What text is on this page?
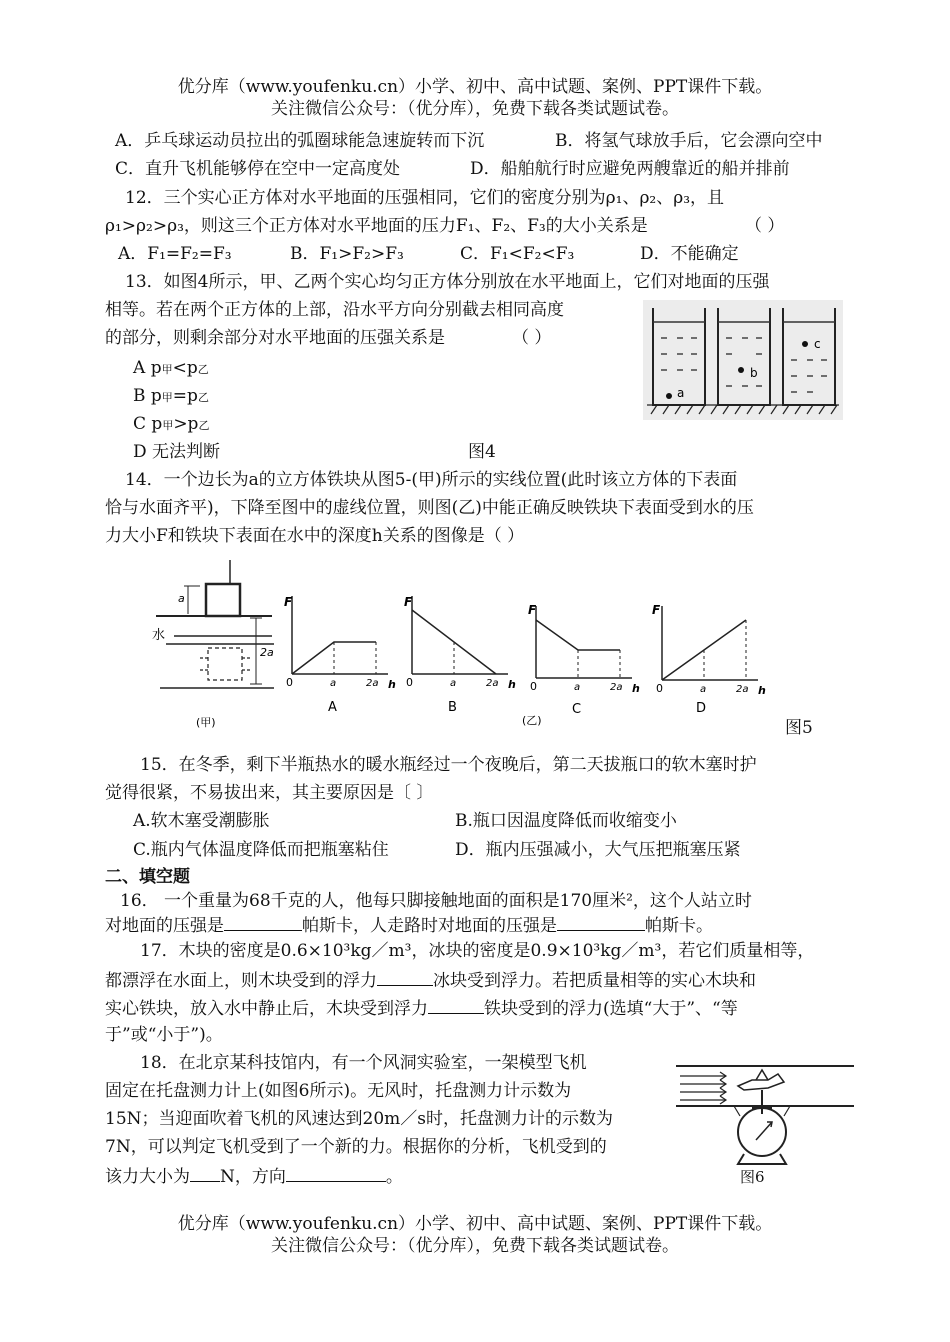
优分库（www.youfenku.cn）小学、初中、高中试题、案例、PPT课件下载。
关注微信公众号：（优分库），免费下载各类试题试卷。
A．乒乓球运动员拉出的弧圈球能急速旋转而下沉	B．将氢气球放手后，它会漂向空中
C．直升飞机能够停在空中一定高度处	D．船舶航行时应避免两艘靠近的船并排前
12．三个实心正方体对水平地面的压强相同，它们的密度分别为ρ₁、ρ₂、ρ₃，且
ρ₁>ρ₂>ρ₃，则这三个正方体对水平地面的压力F₁、F₂、F₃的大小关系是	（ ）
A．F₁=F₂=F₃	B．F₁>F₂>F₃	C．F₁<F₂<F₃	D．不能确定
13．如图4所示，甲、乙两个实心均匀正方体分别放在水平地面上，它们对地面的压强
相等。若在两个正方体的上部，沿水平方向分别截去相同高度
的部分，则剩余部分对水平地面的压强关系是	（ ）
A p甲<p乙
B p甲=p乙
C p甲>p乙
D 无法判断	图4
a
b
c
14．一个边长为a的立方体铁块从图5-(甲)所示的实线位置(此时该立方体的下表面
恰与水面齐平)，下降至图中的虚线位置，则图(乙)中能正确反映铁块下表面受到水的压
力大小F和铁块下表面在水中的深度h关系的图像是（ ）
a
水
2a
(甲)	(乙)
F
0	a	2a h
A
F
0	a	2a h
B
F
0	a	2a h
C
F
0	a	2a h
D
图5
15．在冬季，剩下半瓶热水的暖水瓶经过一个夜晚后，第二天拔瓶口的软木塞时护
觉得很紧，不易拔出来，其主要原因是〔 〕
A.软木塞受潮膨胀	B.瓶口因温度降低而收缩变小
C.瓶内气体温度降低而把瓶塞粘住	D．瓶内压强减小，大气压把瓶塞压紧
二、填空题
16． 一个重量为68千克的人，他每只脚接触地面的面积是170厘米²，这个人站立时
对地面的压强是	帕斯卡，人走路时对地面的压强是	帕斯卡。
17．木块的密度是0.6×10³kg／m³，冰块的密度是0.9×10³kg／m³，若它们质量相等，
都漂浮在水面上，则木块受到的浮力	冰块受到浮力。若把质量相等的实心木块和
实心铁块，放入水中静止后，木块受到浮力	铁块受到的浮力(选填“大于”、“等
于”或“小于”)。
18．在北京某科技馆内，有一个风洞实验室，一架模型飞机
固定在托盘测力计上(如图6所示)。无风时，托盘测力计示数为
15N；当迎面吹着飞机的风速达到20m／s时，托盘测力计的示数为
7N，可以判定飞机受到了一个新的力。根据你的分析，飞机受到的
该力大小为 N，方向	。	图6
优分库（www.youfenku.cn）小学、初中、高中试题、案例、PPT课件下载。
关注微信公众号：（优分库），免费下载各类试题试卷。
